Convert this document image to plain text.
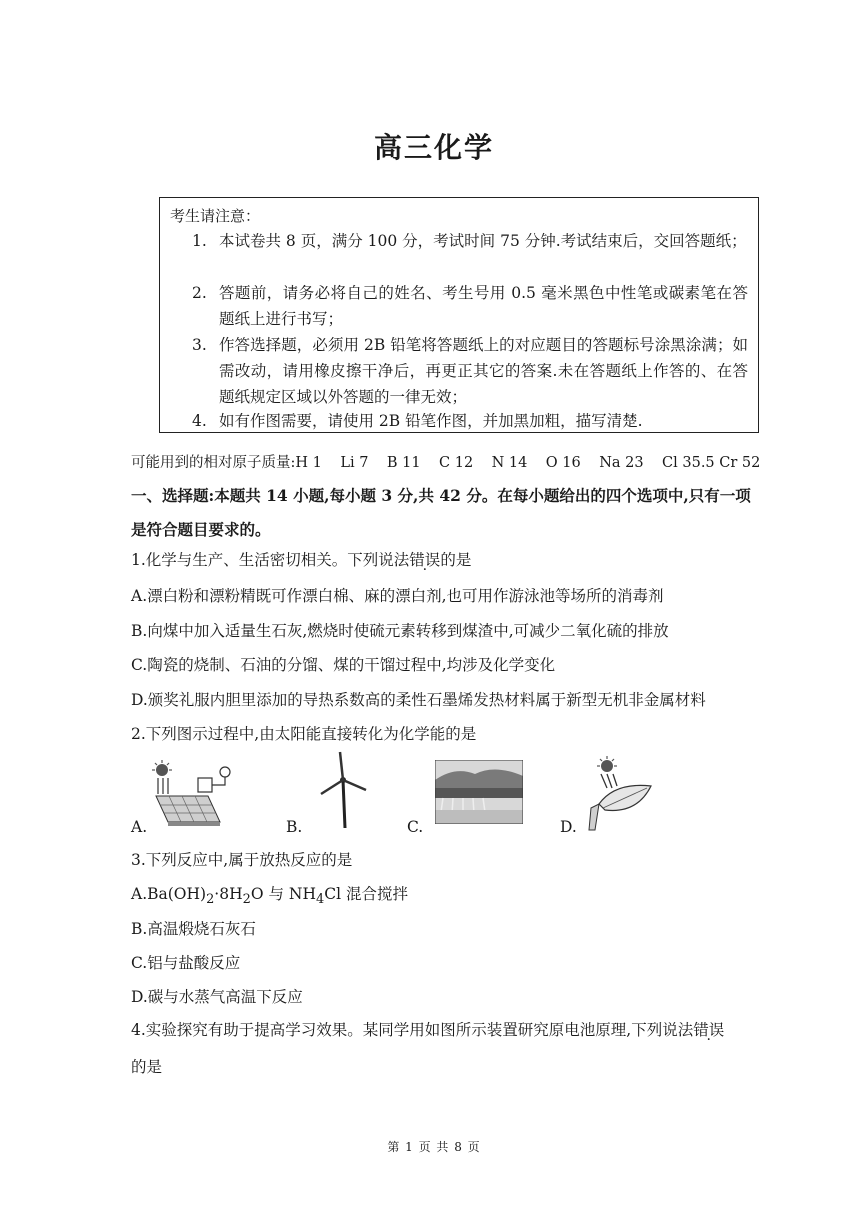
高三化学
考生请注意：
1. 本试卷共 8 页，满分 100 分，考试时间 75 分钟.考试结束后，交回答题纸；
2. 答题前，请务必将自己的姓名、考生号用 0.5 毫米黑色中性笔或碳素笔在答题纸上进行书写；
3. 作答选择题，必须用 2B 铅笔将答题纸上的对应题目的答题标号涂黑涂满；如需改动，请用橡皮擦干净后，再更正其它的答案.未在答题纸上作答的、在答题纸规定区域以外答题的一律无效；
4. 如有作图需要，请使用 2B 铅笔作图，并加黑加粗，描写清楚.
可能用到的相对原子质量:H 1 Li 7 B 11 C 12 N 14 O 16 Na 23 Cl 35.5 Cr 52
一、选择题:本题共 14 小题,每小题 3 分,共 42 分。在每小题给出的四个选项中,只有一项
是符合题目要求的。
1.化学与生产、生活密切相关。下列说法错误的是
A.漂白粉和漂粉精既可作漂白棉、麻的漂白剂,也可用作游泳池等场所的消毒剂
B.向煤中加入适量生石灰,燃烧时使硫元素转移到煤渣中,可减少二氧化硫的排放
C.陶瓷的烧制、石油的分馏、煤的干馏过程中,均涉及化学变化
D.颁奖礼服内胆里添加的导热系数高的柔性石墨烯发热材料属于新型无机非金属材料
2.下列图示过程中,由太阳能直接转化为化学能的是
A.	B.	C.	D.
3.下列反应中,属于放热反应的是
$A.Ba(OH)_2\cdot 8H_2O$ 与 $NH_4Cl$ 混合搅拌
B.高温煅烧石灰石
C.铝与盐酸反应
D.碳与水蒸气高温下反应
4.实验探究有助于提高学习效果。某同学用如图所示装置研究原电池原理,下列说法错误
的是
第 1 页 共 8 页
